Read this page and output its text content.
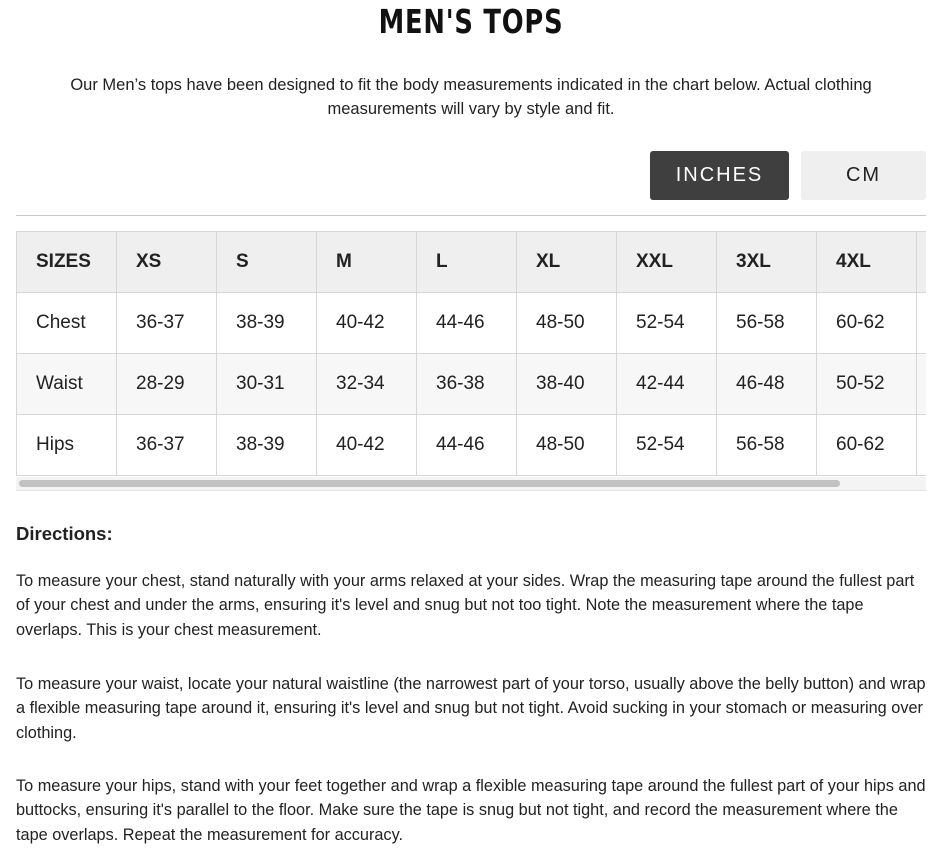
MEN'S TOPS

Our Men’s tops have been designed to fit the body measurements indicated in the chart below. Actual clothing measurements will vary by style and fit.

INCHES	CM
SIZES	XS	S	M	L	XL	XXL	3XL	4XL	
Chest	36-37	38-39	40-42	44-46	48-50	52-54	56-58	60-62	
Waist	28-29	30-31	32-34	36-38	38-40	42-44	46-48	50-52	
Hips	36-37	38-39	40-42	44-46	48-50	52-54	56-58	60-62	
Directions:

To measure your chest, stand naturally with your arms relaxed at your sides. Wrap the measuring tape around the fullest part of your chest and under the arms, ensuring it's level and snug but not too tight. Note the measurement where the tape overlaps. This is your chest measurement.

To measure your waist, locate your natural waistline (the narrowest part of your torso, usually above the belly button) and wrap a flexible measuring tape around it, ensuring it's level and snug but not tight. Avoid sucking in your stomach or measuring over clothing.

To measure your hips, stand with your feet together and wrap a flexible measuring tape around the fullest part of your hips and buttocks, ensuring it's parallel to the floor. Make sure the tape is snug but not tight, and record the measurement where the tape overlaps. Repeat the measurement for accuracy.
